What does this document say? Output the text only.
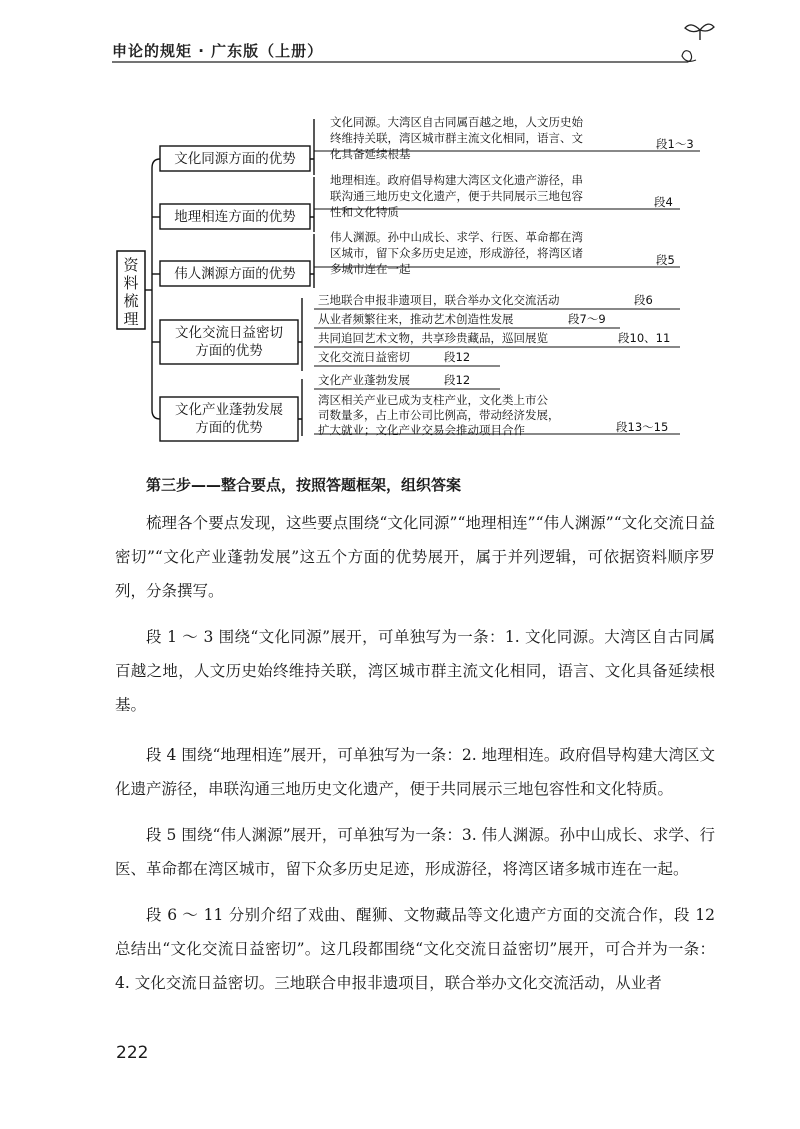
申论的规矩 · 广东版（上册）
资
料
梳
理
文化同源方面的优势
文化同源。大湾区自古同属百越之地，人文历史始
终维持关联，湾区城市群主流文化相同，语言、文
化具备延续根基
段1～3
地理相连方面的优势
地理相连。政府倡导构建大湾区文化遗产游径，串
联沟通三地历史文化遗产，便于共同展示三地包容
性和文化特质
段4
伟人渊源方面的优势
伟人渊源。孙中山成长、求学、行医、革命都在湾
区城市，留下众多历史足迹，形成游径，将湾区诸
多城市连在一起
段5
文化交流日益密切
方面的优势
三地联合申报非遗项目，联合举办文化交流活动	段6
从业者频繁往来，推动艺术创造性发展	段7～9
共同追回艺术文物，共享珍贵藏品，巡回展览	段10、11
文化交流日益密切	段12
文化产业蓬勃发展
方面的优势
文化产业蓬勃发展	段12
湾区相关产业已成为支柱产业，文化类上市公
司数量多，占上市公司比例高，带动经济发展，
扩大就业；文化产业交易会推动项目合作	段13～15
第三步——整合要点，按照答题框架，组织答案

梳理各个要点发现，这些要点围绕“文化同源”“地理相连”“伟人渊源”“文化交流日益密切”“文化产业蓬勃发展”这五个方面的优势展开，属于并列逻辑，可依据资料顺序罗列，分条撰写。

段 1 ～ 3 围绕“文化同源”展开，可单独写为一条：1. 文化同源。大湾区自古同属百越之地，人文历史始终维持关联，湾区城市群主流文化相同，语言、文化具备延续根基。

段 4 围绕“地理相连”展开，可单独写为一条：2. 地理相连。政府倡导构建大湾区文化遗产游径，串联沟通三地历史文化遗产，便于共同展示三地包容性和文化特质。

段 5 围绕“伟人渊源”展开，可单独写为一条：3. 伟人渊源。孙中山成长、求学、行医、革命都在湾区城市，留下众多历史足迹，形成游径，将湾区诸多城市连在一起。

段 6 ～ 11 分别介绍了戏曲、醒狮、文物藏品等文化遗产方面的交流合作，段 12 总结出“文化交流日益密切”。这几段都围绕“文化交流日益密切”展开，可合并为一条：4. 文化交流日益密切。三地联合申报非遗项目，联合举办文化交流活动，从业者

222
